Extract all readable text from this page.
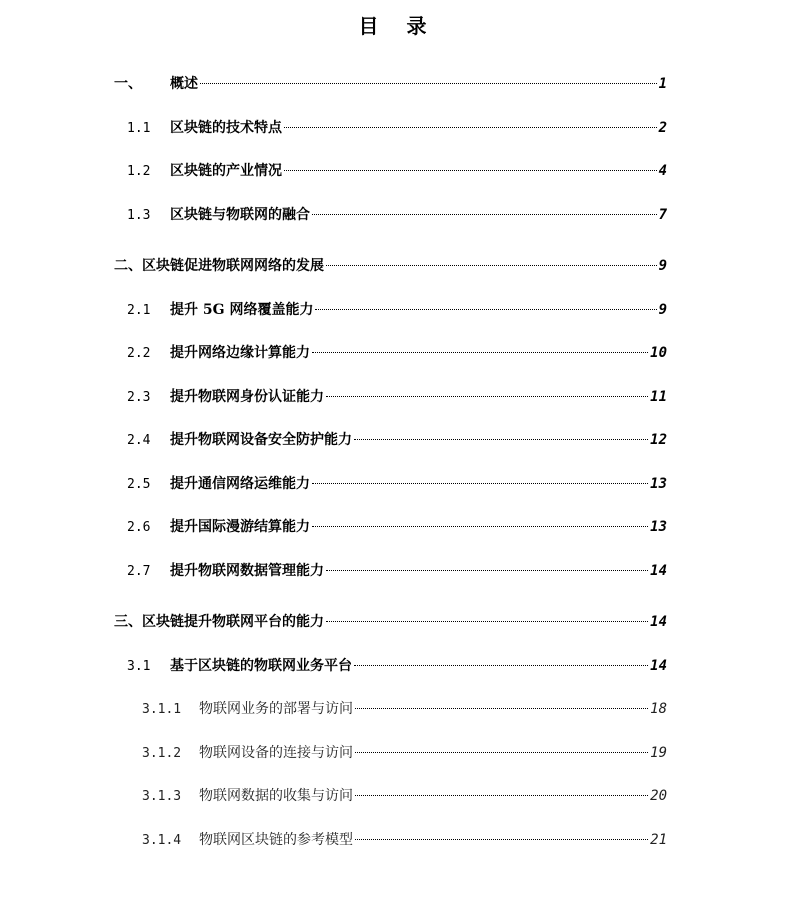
目 录
一、	概述	1
1.1	区块链的技术特点	2
1.2	区块链的产业情况	4
1.3	区块链与物联网的融合	7
二、 区块链促进物联网网络的发展	9
2.1	提升 5G 网络覆盖能力	9
2.2	提升网络边缘计算能力	10
2.3	提升物联网身份认证能力	11
2.4	提升物联网设备安全防护能力	12
2.5	提升通信网络运维能力	13
2.6	提升国际漫游结算能力	13
2.7	提升物联网数据管理能力	14
三、 区块链提升物联网平台的能力	14
3.1	基于区块链的物联网业务平台	14
3.1.1	物联网业务的部署与访问	18
3.1.2	物联网设备的连接与访问	19
3.1.3	物联网数据的收集与访问	20
3.1.4	物联网区块链的参考模型	21
